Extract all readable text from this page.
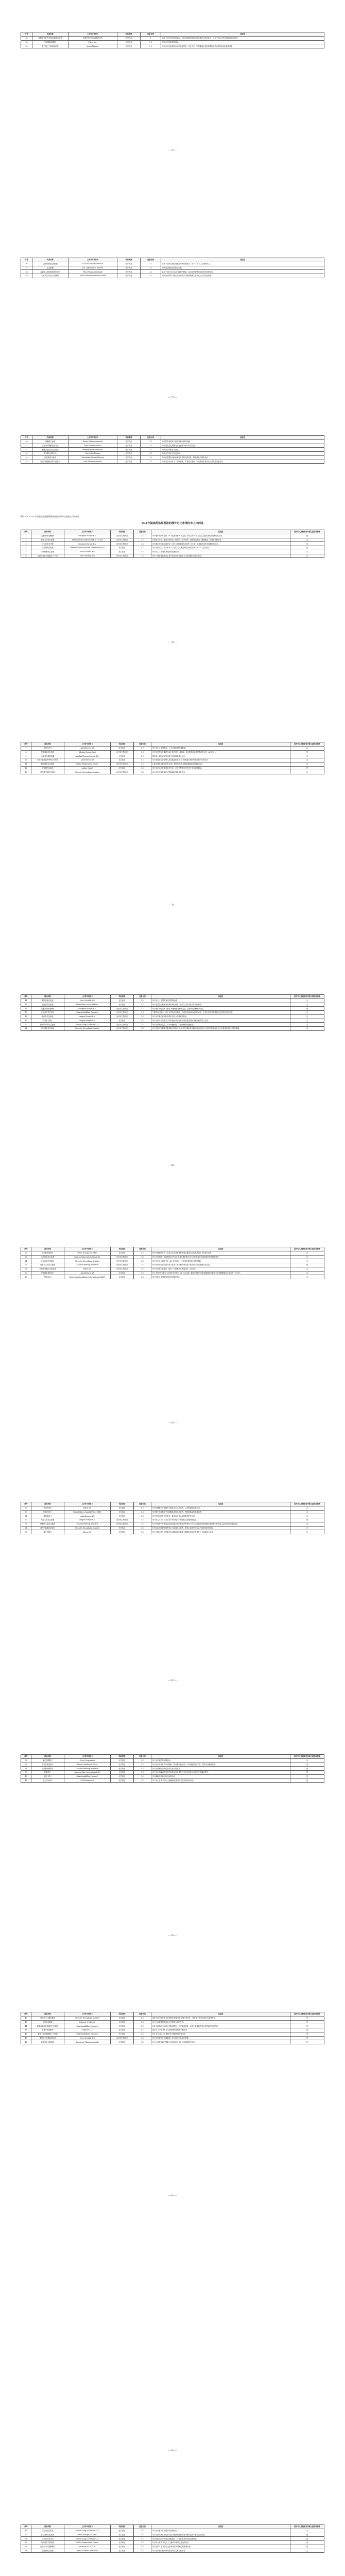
序号	药品名称	上市许可持有人	药品类别	注册分类	适应症
33	盐酸米多君片/注射用盐酸米多君	中国医学科学院药物研究所	化学药品	3	适用于治疗体位性低血压，以及其他原因导致的症状性直立性低血压，适用于低血压伴有明显症状的患者。
34	甲硝唑阴道凝胶	Pfizer Inc.	化学药品	3.1	用于治疗细菌性阴道病。
35	复方聚乙二醇电解质散	Ipsen Pharma	化学药品	3.1	用于成人结肠镜检查前的肠道准备，以及手术、钡剂灌肠或其他需要肠道清洁的检查前的肠道准备。
— 76 —
序号	药品名称	上市许可持有人	药品类别	注册分类	适应症
36	盐酸奥洛他定滴眼液	SANTEN Pharmaceutical	化学药品	3.1	适用于治疗过敏性结膜炎的体征和症状，用于 3 岁以上儿童和成人。
37	雷奈酸锶	Les Laboratoires Servier	化学药品	3.1	用于治疗绝经后骨质疏松症。
38	注射用头孢他啶阿维巴坦钠	Pfizer Pharma (Ireland)	化学药品	3.1	适用于治疗成人复杂性腹腔内感染、复杂性尿路感染及医院获得性肺炎。
39	左旋多巴卡比多巴肠凝胶	AbbVie Pharmaceuticals GmbH	化学药品	3.1	用于治疗伴有严重运动波动和多动症的晚期左旋多巴反应性帕金森病。
— 77 —
序号	药品名称	上市许可持有人	药品类别	注册分类	适应症
40	硫酸镁注射液	Baxter Pharmaceuticals	化学药品	3.1	用于预防和控制子痫前期和子痫的抽搐。
41	注射用甲磺酸萘莫司他	Torii Pharmaceutical	化学药品	3.1	用于改善急性胰腺炎及血液体外循环时的抗凝。
42	醋酸去氨加压素注射液	Ferring Pharmaceuticals	化学药品	3.1	用于治疗中枢性尿崩症。
43	富马酸比索洛尔片	Merck Healthcare	化学药品	3.1	用于治疗高血压及冠心病。
44	阿加曲班注射液	Mitsubishi Tanabe Pharma	化学药品	3.1	用于改善慢性动脉闭塞症患者的四肢溃疡、静息痛及冷感等症状。
45	奥美拉唑碳酸氢钠干混悬剂	Salix Pharmaceuticals	化学药品	3.1	用于治疗活动性十二指肠溃疡，胃食管反流病，以及降低危重患者上消化道出血风险。
附件 1-1 2024 年国家药品监督管理局药品审评中心批准上市的药品
2024 年国家药监局批准的境外已上市境内未上市药品
序号	药品名称	上市许可持有人	药品类别	注册分类	适应症	是否列入鼓励研发申报儿童药品清单
1	注射用阿加糖酶β	Genzyme Europe B.V.	治疗用生物制品	3.1	用于确诊为法布雷病（α-半乳糖苷酶 A 缺乏症）的成人和 8 岁及以上儿童患者的长期酶替代治疗。	是
2	阿达木单抗注射液	AbbVie Deutschland GmbH & Co. KG	治疗用生物制品	3.1	类风湿关节炎，强直性脊柱炎，银屑病，克罗恩病，溃疡性结肠炎，葡萄膜炎，化脓性汗腺炎等。	否
3	注射用伊米苷酶	Genzyme Europe B.V.	治疗用生物制品	3.1	用于确诊为非神经病变型（I 型）或慢性神经病变型（III 型）戈谢病患者的长期酶替代治疗。	是
4	艾替班特注射液	Takeda Pharmaceuticals International AG	化学药品	5.1	用于治疗成人、青少年和 2 岁及以上儿童遗传性血管性水肿（HAE）急性发作。	是
5	司美格鲁肽注射液	Novo Nordisk A/S	化学药品	5.1	用于成人 2 型糖尿病患者的血糖控制。	否
6	注射用重组人凝血因子 VIIa	Novo Nordisk A/S	治疗用生物制品	3.1	用于下列患者群体出血发作的治疗及外科手术或有创操作出血的预防。	否
— 78 —
序号	药品名称	上市许可持有人	药品类别	注册分类	适应症	是否列入鼓励研发申报儿童药品清单
7	达格列净片	AstraZeneca AB	化学药品	5.1	用于治疗 2 型糖尿病、心力衰竭和慢性肾脏病。	否
8	依库珠单抗注射液	Alexion Europe SAS	治疗用生物制品	3.1	用于治疗阵发性睡眠性血红蛋白尿症（PNH）和非典型溶血性尿毒症综合征（aHUS）。	是
9	他克莫司缓释胶囊	Astellas Pharma Europe B.V.	化学药品	5.1	预防成人肾脏或肝脏移植受者的移植排斥反应。	否
10	布地奈德福莫特罗吸入粉雾剂	AstraZeneca AB	化学药品	5.1	用于需要联合应用吸入皮质激素和长效 β2 受体激动剂的哮喘患者的常规治疗。	否
11	帕妥珠单抗注射液	Roche Registration GmbH	治疗用生物制品	3.1	与曲妥珠单抗和化疗联合用于 HER2 阳性早期乳腺癌患者的辅助治疗。	否
12	甲氨蝶呤注射液	medac GmbH	化学药品	5.1	用于治疗活动性类风湿关节炎、多关节型幼年特发性关节炎和银屑病。	是
13	司库奇尤单抗注射液	Novartis Europharm Limited	治疗用生物制品	3.1	用于治疗中重度斑块状银屑病和强直性脊柱炎。	否
— 79 —
序号	药品名称	上市许可持有人	药品类别	注册分类	适应症	是否列入鼓励研发申报儿童药品清单
14	利拉鲁肽注射液	Novo Nordisk A/S	化学药品	5.1	用于成人 2 型糖尿病患者控制血糖。	否
15	依达拉奉注射液	Mitsubishi Tanabe Pharma	化学药品	5.1	用于改善急性脑梗塞所致的神经症状、日常生活活动能力和功能障碍。	否
16	注射用阿糖苷酶α	Genzyme Europe B.V.	治疗用生物制品	3.1	用于确诊为庞贝病（酸性 α-葡萄糖苷酶缺乏症）患者的长期酶替代治疗。	是
17	注射用贝利尤单抗	GlaxoSmithKline (Ireland)	治疗用生物制品	3.1	与常规治疗联合，用于在常规治疗基础上仍具有高疾病活动的活动性、自身抗体阳性的系统性红斑狼疮成年患者。	否
18	地舒单抗注射液	Amgen Europe B.V.	治疗用生物制品	3.1	用于治疗骨折高风险的绝经后妇女的骨质疏松症。	否
19	阿普米司特片	Amgen Europe B.V.	化学药品	5.1	用于治疗符合接受光疗或系统治疗指征的中度至重度斑块状银屑病的成人患者。	否
20	帕博利珠单抗注射液	Merck Sharp & Dohme LLC	治疗用生物制品	3.1	用于治疗黑色素瘤、非小细胞肺癌、头颈部鳞状细胞癌等。	否
21	奥马珠单抗注射液	Novartis Europharm Limited	治疗用生物制品	3.1	用于经吸入型糖皮质激素和长效吸入型 β2-肾上腺素受体激动剂治疗后仍不能有效控制症状的中至重度持续性过敏性哮喘。	否
— 80 —
序号	药品名称	上市许可持有人	药品类别	注册分类	适应症	是否列入鼓励研发申报儿童药品清单
22	托法替布缓释片	Pfizer Europe MA EEIG	化学药品	5.1	用于甲氨蝶呤疗效不足或对其无法耐受的中度至重度活动性类风湿关节炎成年患者。	否
23	乌司奴单抗注射液	Janssen-Cilag International NV	治疗用生物制品	3.1	用于对环孢素、甲氨蝶呤或 PUVA 等其他系统性治疗不应答的成年中重度斑块状银屑病患者。	否
24	注射用奥马珠单抗	Novartis Europharm Limited	治疗用生物制品	3.1	用于治疗成人和青少年（12 岁及以上）中至重度持续性过敏性哮喘。	否
25	度普利尤单抗注射液	Sanofi Winthrop Industrie	治疗用生物制品	3.1	用于治疗外用处方药控制不佳或不建议使用外用处方药的成人中重度特应性皮炎。	是
26	阿柏西普眼内注射溶液	Bayer AG	治疗用生物制品	3.1	用于治疗新生血管性（湿性）年龄相关性黄斑变性（nAMD）。	否
27	甲磺酸奥希替尼片	AstraZeneca AB	化学药品	5.1	用于 EGFR 外显子 19 缺失或外显子 21（L858R）置换突变阳性的局部晚期或转移性非小细胞肺癌成人患者的一线治疗。	否
28	恩格列净片	Boehringer Ingelheim International GmbH	化学药品	5.1	用于改善 2 型糖尿病患者的血糖控制。	否
— 81 —
序号	药品名称	上市许可持有人	药品类别	注册分类	适应症	是否列入鼓励研发申报儿童药品清单
29	利伐沙班片	Bayer AG	化学药品	5.1	用于择期髋关节或膝关节置换手术成年患者，以预防静脉血栓形成。	否
30	阿哌沙班片	Bristol-Myers Squibb/Pfizer EEIG	化学药品	5.1	用于髋关节或膝关节择期置换术的成年患者，预防静脉血栓栓塞事件。	否
31	替格瑞洛片	AstraZeneca AB	化学药品	5.1	用于急性冠脉综合征患者，降低血栓性心血管事件的发生率。	否
32	依洛尤单抗注射液	Amgen Europe B.V.	治疗用生物制品	3.1	用于成人或 12 岁以上青少年的纯合子型家族性高胆固醇血症。	是
33	阿利西尤单抗注射液	Sanofi Winthrop Industrie	治疗用生物制品	3.1	用于在接受中等剂量或高剂量他汀类药物治疗的情况下仍无法达到低密度脂蛋白胆固醇目标的成人原发性高胆固醇血症。	否
34	沙库巴曲缬沙坦钠片	Novartis Europharm Limited	化学药品	5.1	用于射血分数降低的慢性心力衰竭成人患者，降低心血管死亡和心力衰竭住院的风险。	否
35	维立西呱片	Bayer AG	化学药品	5.1	用于近期心衰失代偿事件后病情稳定的射血分数降低的症状性慢性心力衰竭成人患者。	否
— 82 —
序号	药品名称	上市许可持有人	药品类别	注册分类	适应症	是否列入鼓励研发申报儿童药品清单
36	氯化钾缓释片	Orion Corporation	化学药品	5.1	用于治疗和预防低钾血症。	否
37	左甲状腺素钠片	Merck Healthcare KGaA	化学药品	5.1	用于治疗非毒性的甲状腺肿（甲状腺功能正常）；甲状腺肿切除术后，预防甲状腺肿复发。	是
38	丙戊酸钠缓释片	Sanofi Winthrop Industrie	化学药品	5.1	用于治疗癫痫全面性发作及部分性发作。	是
39	托吡酯片	Janssen-Cilag International NV	化学药品	5.1	用于初诊为癫痫的患者的单药治疗或曾经合并用药现转为单药治疗的癫痫患者。	是
40	拉莫三嗪片	GlaxoSmithKline (Ireland)	化学药品	5.1	用于癫痫的单药治疗或添加治疗。	是
41	左乙拉西坦片	UCB Pharma S.A.	化学药品	5.1	用于成人及 4 岁以上儿童癫痫患者部分性发作的加用治疗。	是
— 83 —
序号	药品名称	上市许可持有人	药品类别	注册分类	适应症	是否列入鼓励研发申报儿童药品清单
42	奥卡西平口服混悬液	Novartis Europharm Limited	化学药品	5.1	适用于治疗原发性全面性强直-阵挛发作和部分性发作，伴有或不伴有继发性全面性发作。	是
43	布洛芬混悬液	Johnson & Johnson	化学药品	5.1	用于儿童普通感冒或流行性感冒引起的发热。	是
44	阿莫西林克拉维酸钾干混悬剂	GlaxoSmithKline (Ireland)	化学药品	5.1	适用于敏感菌引起的上呼吸道感染、下呼吸道感染、泌尿生殖系统感染及皮肤和软组织感染。	是
45	孟鲁司特钠颗粒	Organon LLC	化学药品	5.1	适用于 1 岁至 14 岁儿童哮喘的预防和长期治疗。	是
46	氟替卡松丙酸酯吸入气雾剂	GlaxoSmithKline (Ireland)	化学药品	5.1	用于 4 岁及以上儿童和成人哮喘的预防性治疗。	是
47	重组人生长激素注射液	Novo Nordisk A/S	治疗用生物制品	3.1	用于因内源性生长激素缺乏所引起的儿童生长缓慢。	是
48	地塞米松口服溶液	Rosemont Pharmaceuticals	化学药品	5.1	用于儿童急性淋巴细胞白血病的治疗以及儿童哮喘急性发作。	是
— 84 —
— 85 —
序号	药品名称	上市许可持有人	药品类别	注册分类	适应症	是否列入鼓励研发申报儿童药品清单
49	注射用达托霉素	Merck Sharp & Dohme LLC	化学药品	5.1	用于治疗复杂性皮肤及软组织感染。	否
50	伏立康唑干混悬剂	Pfizer Europe MA EEIG	化学药品	5.1	用于治疗侵袭性曲霉病以及对氟康唑耐药的念珠菌引起的严重侵袭性感染。	是
51	注射用卡泊芬净	Merck Sharp & Dohme LLC	化学药品	5.1	用于经验性治疗中性粒细胞减少、伴发热患者的可疑真菌感染。	是
52	奥司他韦干混悬剂	Roche Registration GmbH	化学药品	5.1	用于成人和 1 岁及以上儿童的甲型和乙型流感治疗。	是
53	巴洛沙韦玛波酯颗粒	Shionogi & Co., Ltd.	化学药品	5.1	用于治疗 5 岁及以上儿童单纯性甲型和乙型流感患者。	是
54	瑞德西韦注射液	Gilead Sciences Ireland UC	化学药品	5.1	用于治疗新型冠状病毒感染的成人和儿童患者。	否
